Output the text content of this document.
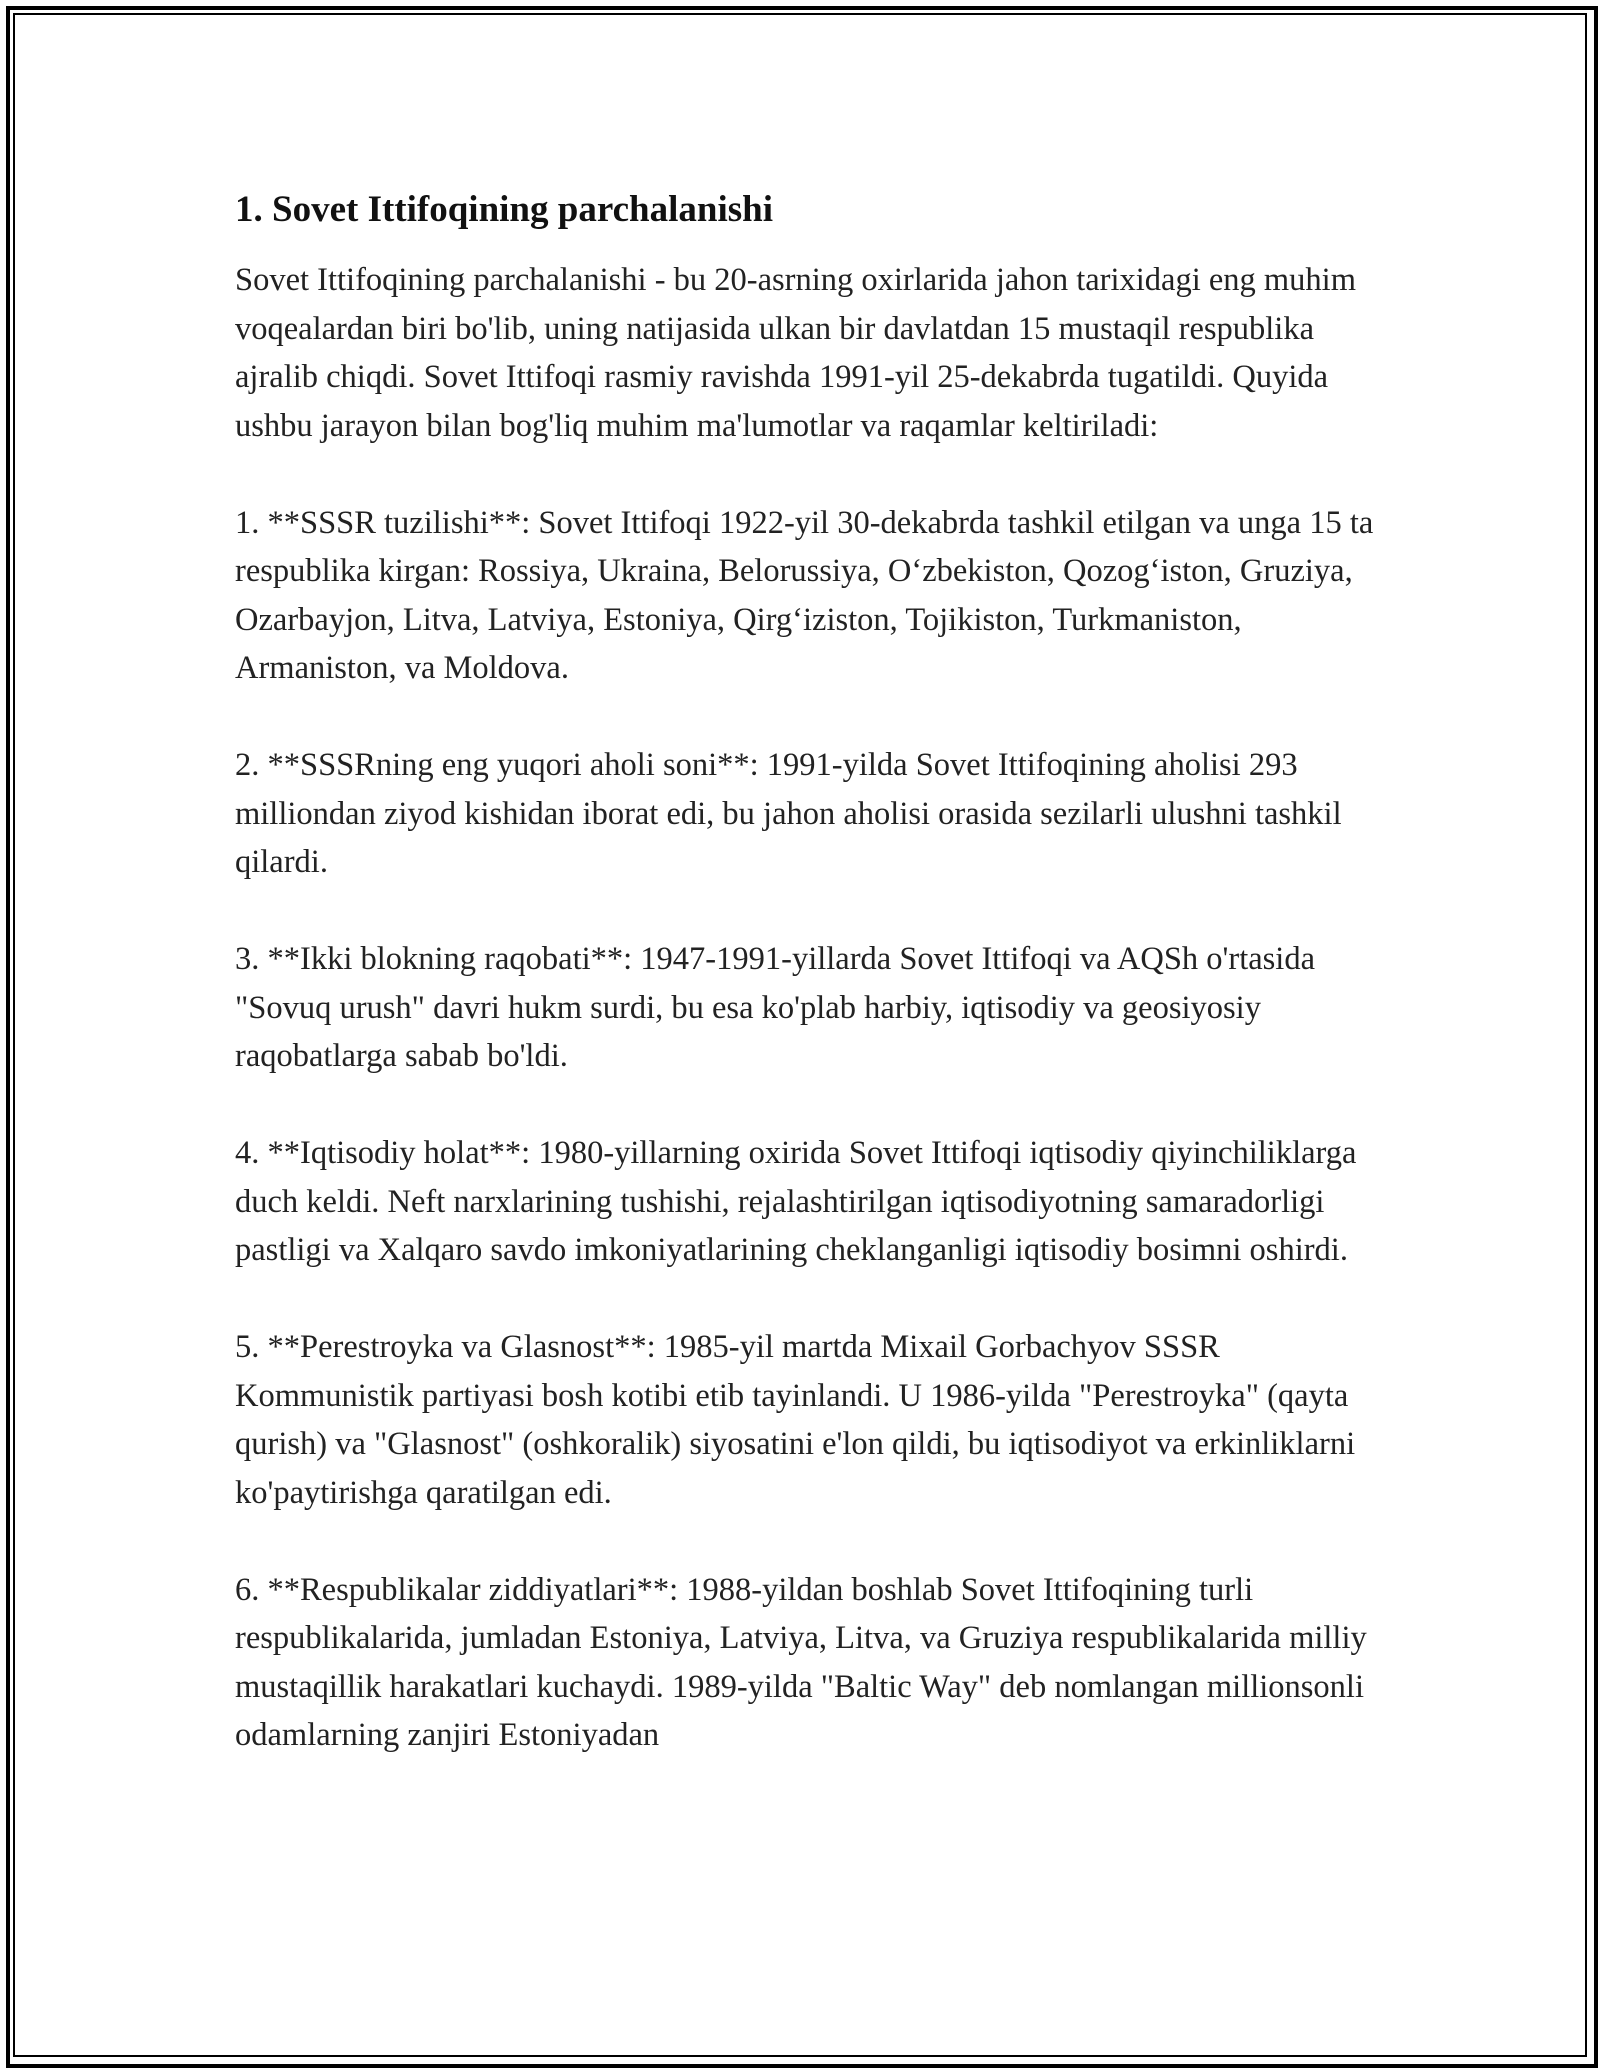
1. Sovet Ittifoqining parchalanishi

Sovet Ittifoqining parchalanishi - bu 20-asrning oxirlarida jahon tarixidagi eng muhim voqealardan biri bo'lib, uning natijasida ulkan bir davlatdan 15 mustaqil respublika ajralib chiqdi. Sovet Ittifoqi rasmiy ravishda 1991-yil 25-dekabrda tugatildi. Quyida ushbu jarayon bilan bog'liq muhim ma'lumotlar va raqamlar keltiriladi:

1. **SSSR tuzilishi**: Sovet Ittifoqi 1922-yil 30-dekabrda tashkil etilgan va unga 15 ta respublika kirgan: Rossiya, Ukraina, Belorussiya, O‘zbekiston, Qozog‘iston, Gruziya, Ozarbayjon, Litva, Latviya, Estoniya, Qirg‘iziston, Tojikiston, Turkmaniston, Armaniston, va Moldova.

2. **SSSRning eng yuqori aholi soni**: 1991-yilda Sovet Ittifoqining aholisi 293 milliondan ziyod kishidan iborat edi, bu jahon aholisi orasida sezilarli ulushni tashkil qilardi.

3. **Ikki blokning raqobati**: 1947-1991-yillarda Sovet Ittifoqi va AQSh o'rtasida "Sovuq urush" davri hukm surdi, bu esa ko'plab harbiy, iqtisodiy va geosiyosiy raqobatlarga sabab bo'ldi.

4. **Iqtisodiy holat**: 1980-yillarning oxirida Sovet Ittifoqi iqtisodiy qiyinchiliklarga duch keldi. Neft narxlarining tushishi, rejalashtirilgan iqtisodiyotning samaradorligi pastligi va Xalqaro savdo imkoniyatlarining cheklanganligi iqtisodiy bosimni oshirdi.

5. **Perestroyka va Glasnost**: 1985-yil martda Mixail Gorbachyov SSSR Kommunistik partiyasi bosh kotibi etib tayinlandi. U 1986-yilda "Perestroyka" (qayta qurish) va "Glasnost" (oshkoralik) siyosatini e'lon qildi, bu iqtisodiyot va erkinliklarni ko'paytirishga qaratilgan edi.

6. **Respublikalar ziddiyatlari**: 1988-yildan boshlab Sovet Ittifoqining turli respublikalarida, jumladan Estoniya, Latviya, Litva, va Gruziya respublikalarida milliy mustaqillik harakatlari kuchaydi. 1989-yilda "Baltic Way" deb nomlangan millionsonli odamlarning zanjiri Estoniyadan
